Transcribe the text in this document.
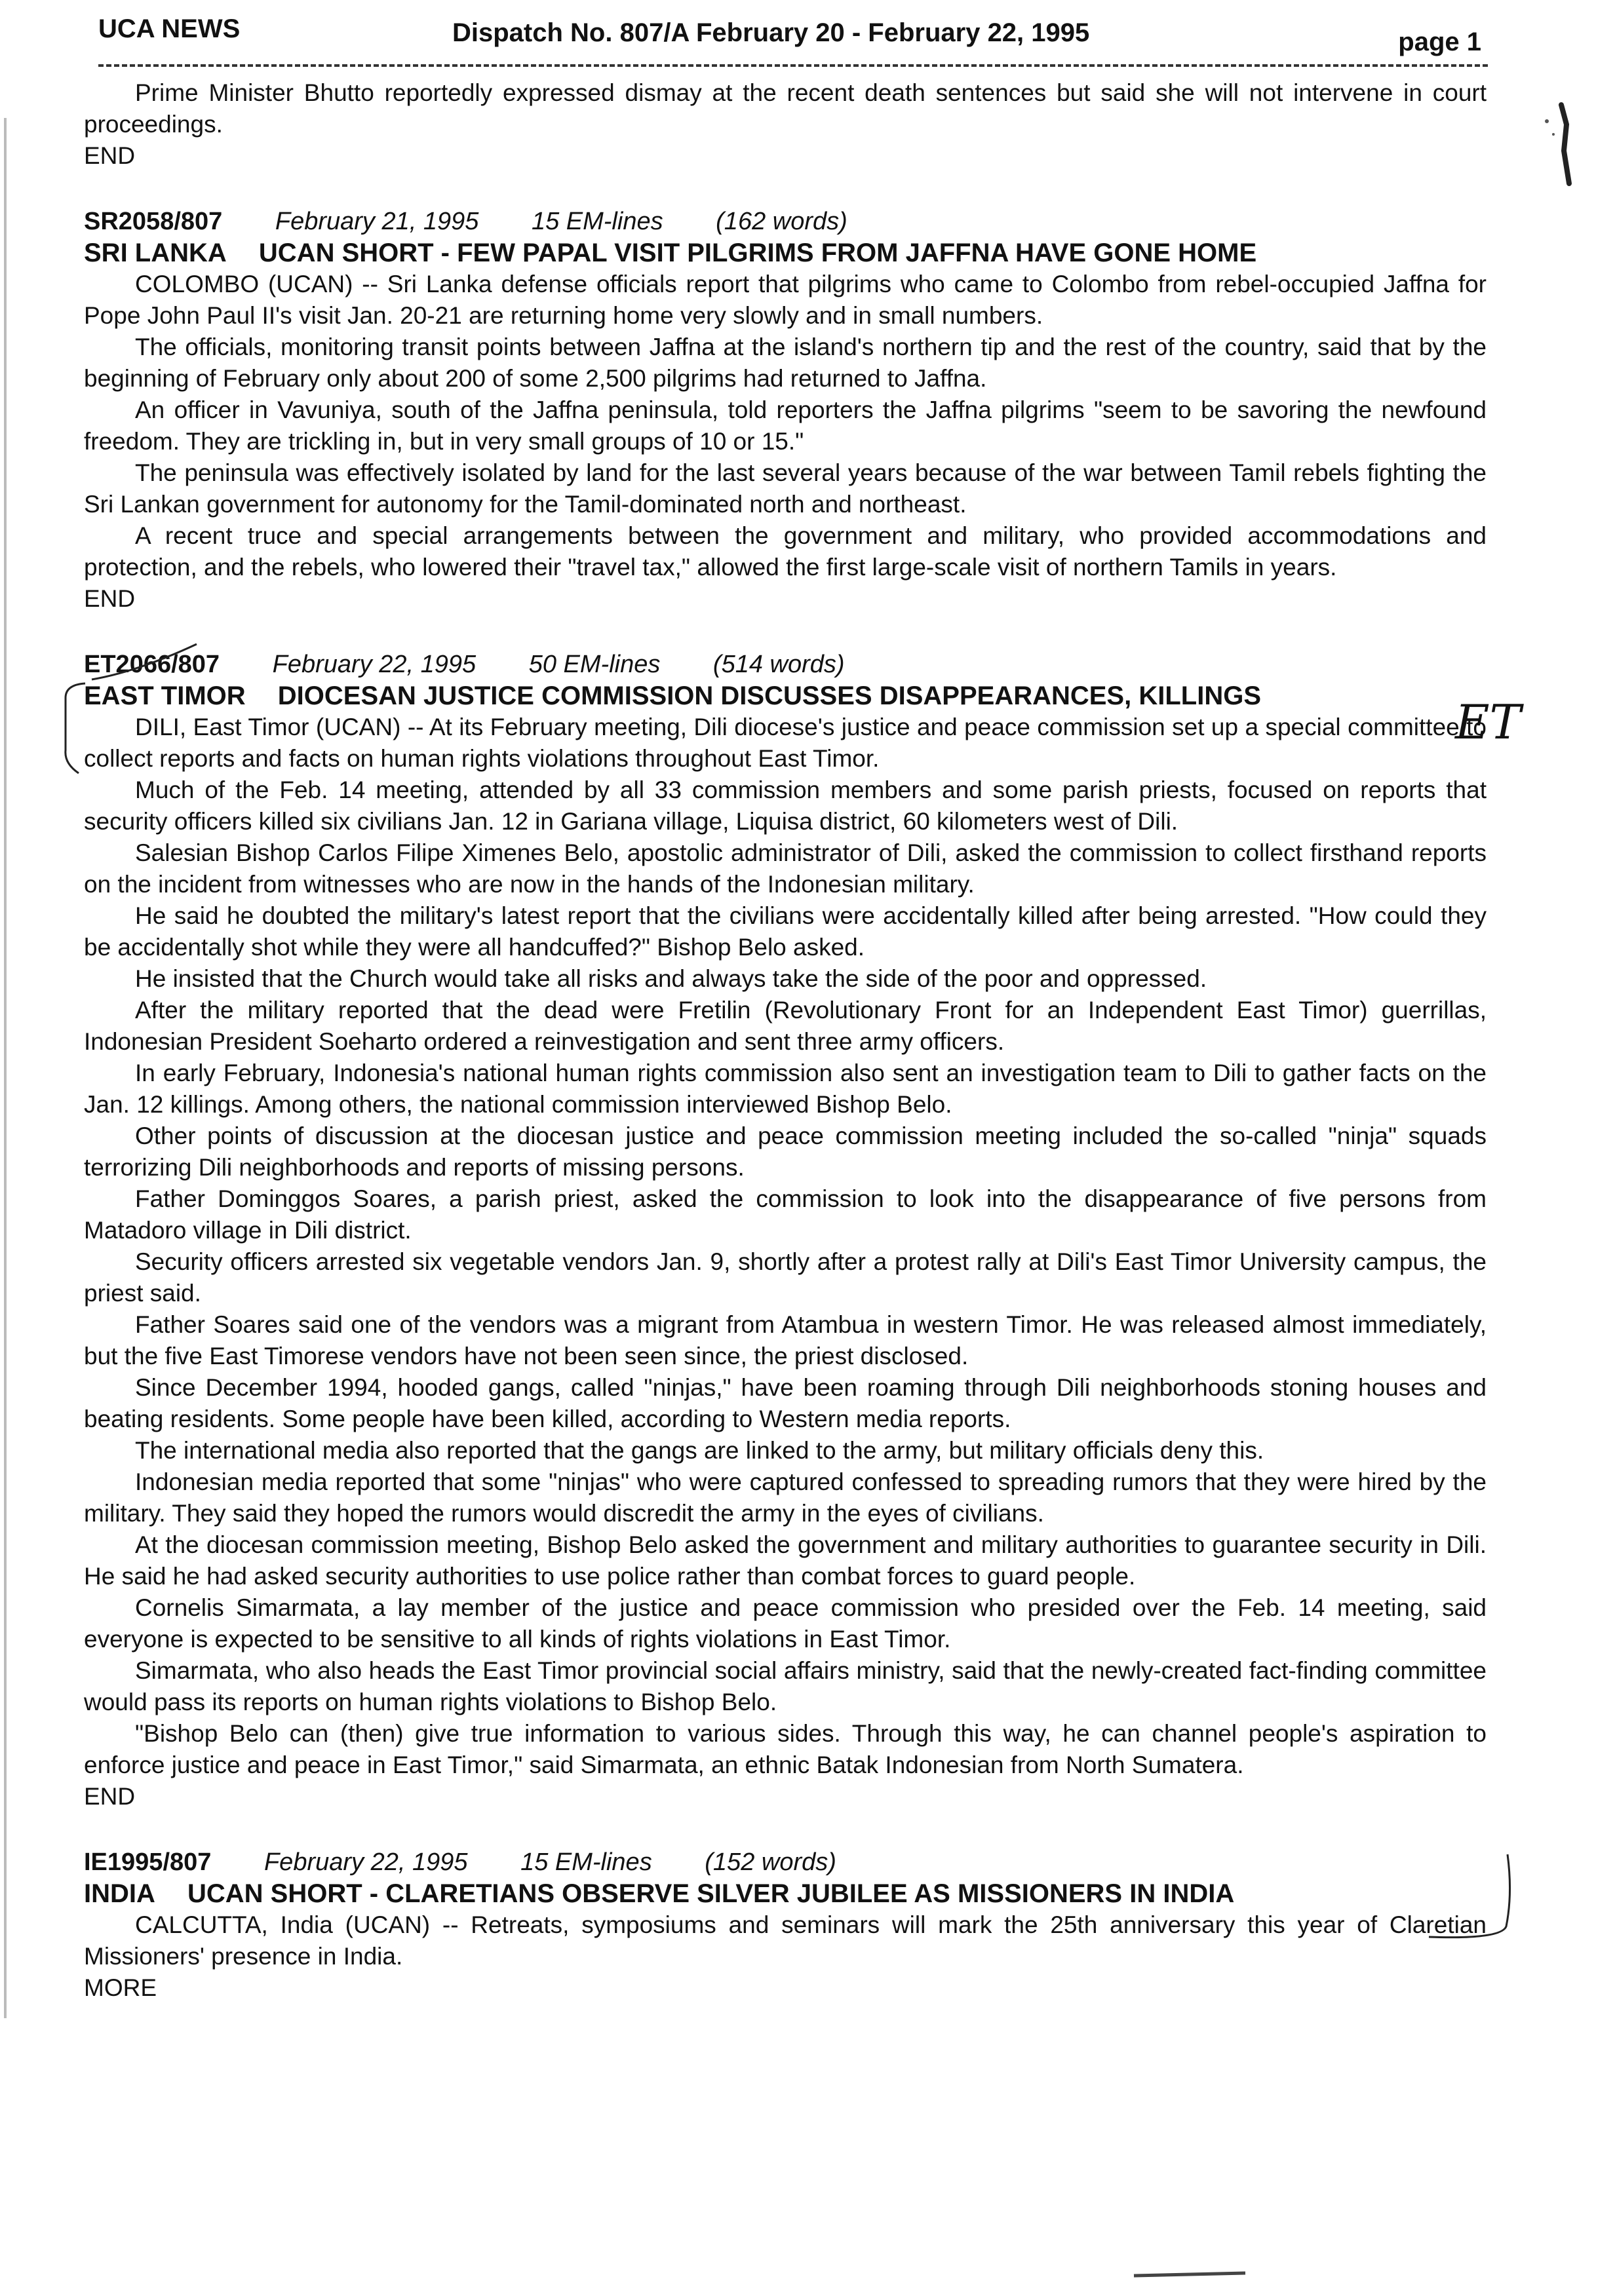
UCA NEWS	Dispatch No. 807/A February 20 - February 22, 1995	page 1

Prime Minister Bhutto reportedly expressed dismay at the recent death sentences but said she will not intervene in court proceedings.

END

SR2058/807 February 21, 1995 15 EM-lines (162 words)

SRI LANKA UCAN SHORT - FEW PAPAL VISIT PILGRIMS FROM JAFFNA HAVE GONE HOME

COLOMBO (UCAN) -- Sri Lanka defense officials report that pilgrims who came to Colombo from rebel-occupied Jaffna for Pope John Paul II's visit Jan. 20-21 are returning home very slowly and in small numbers.

The officials, monitoring transit points between Jaffna at the island's northern tip and the rest of the country, said that by the beginning of February only about 200 of some 2,500 pilgrims had returned to Jaffna.

An officer in Vavuniya, south of the Jaffna peninsula, told reporters the Jaffna pilgrims "seem to be savoring the newfound freedom. They are trickling in, but in very small groups of 10 or 15."

The peninsula was effectively isolated by land for the last several years because of the war between Tamil rebels fighting the Sri Lankan government for autonomy for the Tamil-dominated north and northeast.

A recent truce and special arrangements between the government and military, who provided accommodations and protection, and the rebels, who lowered their "travel tax," allowed the first large-scale visit of northern Tamils in years.

END

ET2066/807 February 22, 1995 50 EM-lines (514 words)

EAST TIMOR DIOCESAN JUSTICE COMMISSION DISCUSSES DISAPPEARANCES, KILLINGS

DILI, East Timor (UCAN) -- At its February meeting, Dili diocese's justice and peace commission set up a special committee to collect reports and facts on human rights violations throughout East Timor.

Much of the Feb. 14 meeting, attended by all 33 commission members and some parish priests, focused on reports that security officers killed six civilians Jan. 12 in Gariana village, Liquisa district, 60 kilometers west of Dili.

Salesian Bishop Carlos Filipe Ximenes Belo, apostolic administrator of Dili, asked the commission to collect firsthand reports on the incident from witnesses who are now in the hands of the Indonesian military.

He said he doubted the military's latest report that the civilians were accidentally killed after being arrested. "How could they be accidentally shot while they were all handcuffed?" Bishop Belo asked.

He insisted that the Church would take all risks and always take the side of the poor and oppressed.

After the military reported that the dead were Fretilin (Revolutionary Front for an Independent East Timor) guerrillas, Indonesian President Soeharto ordered a reinvestigation and sent three army officers.

In early February, Indonesia's national human rights commission also sent an investigation team to Dili to gather facts on the Jan. 12 killings. Among others, the national commission interviewed Bishop Belo.

Other points of discussion at the diocesan justice and peace commission meeting included the so-called "ninja" squads terrorizing Dili neighborhoods and reports of missing persons.

Father Dominggos Soares, a parish priest, asked the commission to look into the disappearance of five persons from Matadoro village in Dili district.

Security officers arrested six vegetable vendors Jan. 9, shortly after a protest rally at Dili's East Timor University campus, the priest said.

Father Soares said one of the vendors was a migrant from Atambua in western Timor. He was released almost immediately, but the five East Timorese vendors have not been seen since, the priest disclosed.

Since December 1994, hooded gangs, called "ninjas," have been roaming through Dili neighborhoods stoning houses and beating residents. Some people have been killed, according to Western media reports.

The international media also reported that the gangs are linked to the army, but military officials deny this.

Indonesian media reported that some "ninjas" who were captured confessed to spreading rumors that they were hired by the military. They said they hoped the rumors would discredit the army in the eyes of civilians.

At the diocesan commission meeting, Bishop Belo asked the government and military authorities to guarantee security in Dili. He said he had asked security authorities to use police rather than combat forces to guard people.

Cornelis Simarmata, a lay member of the justice and peace commission who presided over the Feb. 14 meeting, said everyone is expected to be sensitive to all kinds of rights violations in East Timor.

Simarmata, who also heads the East Timor provincial social affairs ministry, said that the newly-created fact-finding committee would pass its reports on human rights violations to Bishop Belo.

"Bishop Belo can (then) give true information to various sides. Through this way, he can channel people's aspiration to enforce justice and peace in East Timor," said Simarmata, an ethnic Batak Indonesian from North Sumatera.

END

IE1995/807 February 22, 1995 15 EM-lines (152 words)

INDIA UCAN SHORT - CLARETIANS OBSERVE SILVER JUBILEE AS MISSIONERS IN INDIA

CALCUTTA, India (UCAN) -- Retreats, symposiums and seminars will mark the 25th anniversary this year of Claretian Missioners' presence in India.

MORE

ET
